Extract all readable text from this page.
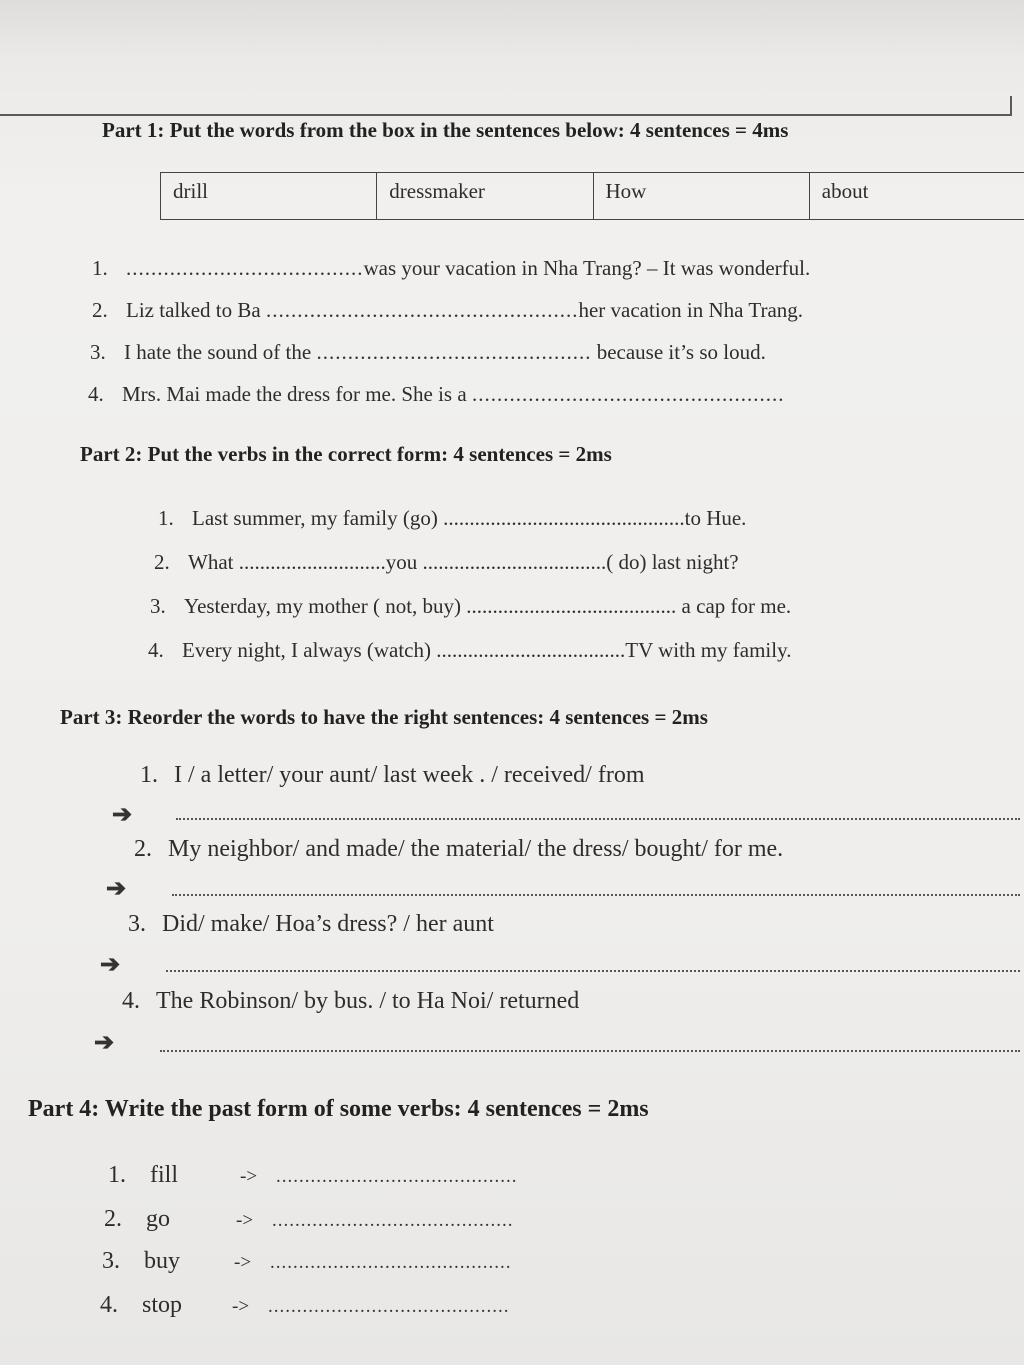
Part 1: Put the words from the box in the sentences below: 4 sentences = 4ms
drill	dressmaker	How	about
1. ......................................was your vacation in Nha Trang? – It was wonderful.
2. Liz talked to Ba ..................................................her vacation in Nha Trang.
3. I hate the sound of the ............................................ because it’s so loud.
4. Mrs. Mai made the dress for me. She is a ..................................................
Part 2: Put the verbs in the correct form: 4 sentences = 2ms
1. Last summer, my family (go) ..............................................to Hue.
2. What ............................you ...................................( do) last night?
3. Yesterday, my mother ( not, buy) ........................................ a cap for me.
4. Every night, I always (watch) ....................................TV with my family.
Part 3: Reorder the words to have the right sentences: 4 sentences = 2ms
1. I / a letter/ your aunt/ last week . / received/ from
➔
2. My neighbor/ and made/ the material/ the dress/ bought/ for me.
➔
3. Did/ make/ Hoa’s dress? / her aunt
➔
4. The Robinson/ by bus. / to Ha Noi/ returned
➔
Part 4: Write the past form of some verbs: 4 sentences = 2ms
1. fill	-> ..........................................
2. go	-> ..........................................
3. buy	-> ..........................................
4. stop	-> ..........................................
